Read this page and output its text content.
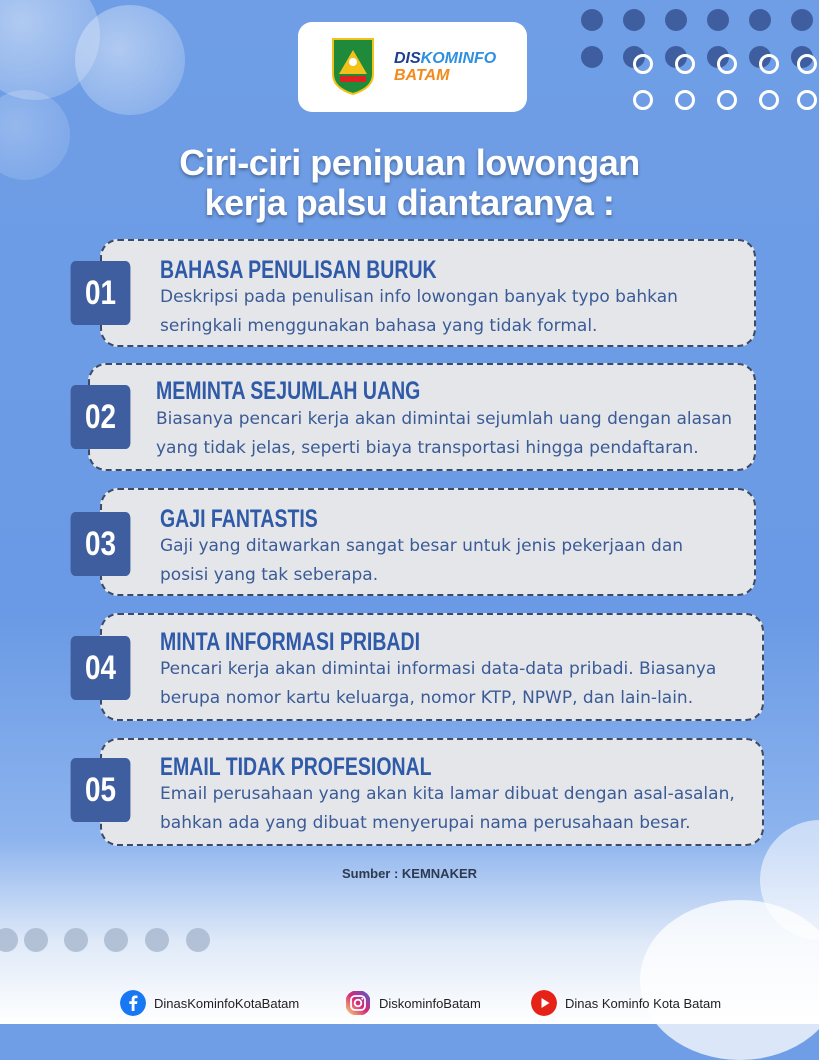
DISKOMINFO
BATAM
Ciri-ciri penipuan lowongan
kerja palsu diantaranya :
01
BAHASA PENULISAN BURUK
Deskripsi pada penulisan info lowongan banyak typo bahkan
seringkali menggunakan bahasa yang tidak formal.
02
MEMINTA SEJUMLAH UANG
Biasanya pencari kerja akan dimintai sejumlah uang dengan alasan
yang tidak jelas, seperti biaya transportasi hingga pendaftaran.
03
GAJI FANTASTIS
Gaji yang ditawarkan sangat besar untuk jenis pekerjaan dan
posisi yang tak seberapa.
04
MINTA INFORMASI PRIBADI
Pencari kerja akan dimintai informasi data-data pribadi. Biasanya
berupa nomor kartu keluarga, nomor KTP, NPWP, dan lain-lain.
05
EMAIL TIDAK PROFESIONAL
Email perusahaan yang akan kita lamar dibuat dengan asal-asalan,
bahkan ada yang dibuat menyerupai nama perusahaan besar.
Sumber : KEMNAKER
DinasKominfoKotaBatam	DiskominfoBatam	Dinas Kominfo Kota Batam
